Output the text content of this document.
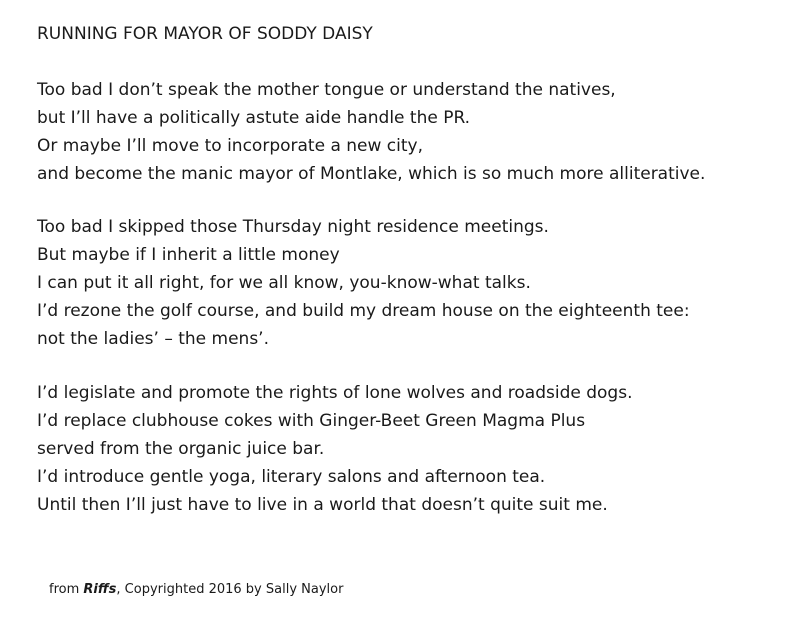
RUNNING FOR MAYOR OF SODDY DAISY
Too bad I don’t speak the mother tongue or understand the natives,
but I’ll have a politically astute aide handle the PR.
Or maybe I’ll move to incorporate a new city,
and become the manic mayor of Montlake, which is so much more alliterative.
Too bad I skipped those Thursday night residence meetings.
But maybe if I inherit a little money
I can put it all right, for we all know, you-know-what talks.
I’d rezone the golf course, and build my dream house on the eighteenth tee:
not the ladies’ – the mens’.
I’d legislate and promote the rights of lone wolves and roadside dogs.
I’d replace clubhouse cokes with Ginger-Beet Green Magma Plus
served from the organic juice bar.
I’d introduce gentle yoga, literary salons and afternoon tea.
Until then I’ll just have to live in a world that doesn’t quite suit me.
from Riffs, Copyrighted 2016 by Sally Naylor
